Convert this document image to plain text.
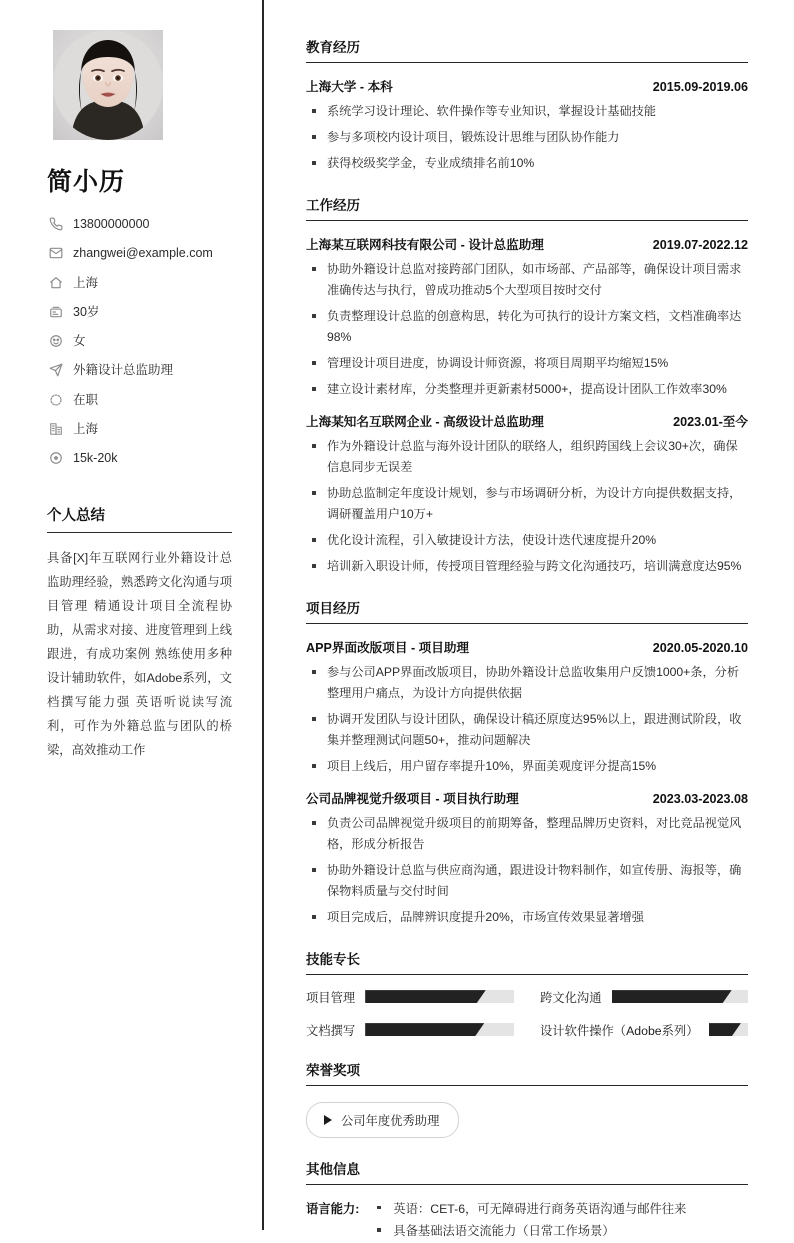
简小历
13800000000
zhangwei@example.com
上海
30岁
女
外籍设计总监助理
在职
上海
15k-20k
个人总结

具备[X]年互联网行业外籍设计总监助理经验，熟悉跨文化沟通与项目管理 精通设计项目全流程协助，从需求对接、进度管理到上线跟进，有成功案例 熟练使用多种设计辅助软件，如Adobe系列，文档撰写能力强 英语听说读写流利，可作为外籍总监与团队的桥梁，高效推动工作

教育经历
上海大学 - 本科	2015.09-2019.06
系统学习设计理论、软件操作等专业知识，掌握设计基础技能
参与多项校内设计项目，锻炼设计思维与团队协作能力
获得校级奖学金，专业成绩排名前10%
工作经历
上海某互联网科技有限公司 - 设计总监助理	2019.07-2022.12
协助外籍设计总监对接跨部门团队，如市场部、产品部等，确保设计项目需求准确传达与执行，曾成功推动5个大型项目按时交付
负责整理设计总监的创意构思，转化为可执行的设计方案文档，文档准确率达98%
管理设计项目进度，协调设计师资源，将项目周期平均缩短15%
建立设计素材库，分类整理并更新素材5000+，提高设计团队工作效率30%
上海某知名互联网企业 - 高级设计总监助理	2023.01-至今
作为外籍设计总监与海外设计团队的联络人，组织跨国线上会议30+次，确保信息同步无误差
协助总监制定年度设计规划，参与市场调研分析，为设计方向提供数据支持，调研覆盖用户10万+
优化设计流程，引入敏捷设计方法，使设计迭代速度提升20%
培训新入职设计师，传授项目管理经验与跨文化沟通技巧，培训满意度达95%
项目经历
APP界面改版项目 - 项目助理	2020.05-2020.10
参与公司APP界面改版项目，协助外籍设计总监收集用户反馈1000+条，分析整理用户痛点，为设计方向提供依据
协调开发团队与设计团队，确保设计稿还原度达95%以上，跟进测试阶段，收集并整理测试问题50+，推动问题解决
项目上线后，用户留存率提升10%，界面美观度评分提高15%
公司品牌视觉升级项目 - 项目执行助理	2023.03-2023.08
负责公司品牌视觉升级项目的前期筹备，整理品牌历史资料，对比竞品视觉风格，形成分析报告
协助外籍设计总监与供应商沟通，跟进设计物料制作，如宣传册、海报等，确保物料质量与交付时间
项目完成后，品牌辨识度提升20%，市场宣传效果显著增强
技能专长
项目管理	跨文化沟通
文档撰写	设计软件操作（Adobe系列）
荣誉奖项
公司年度优秀助理
其他信息
语言能力:	英语：CET-6，可无障碍进行商务英语沟通与邮件往来
具备基础法语交流能力（日常工作场景）
